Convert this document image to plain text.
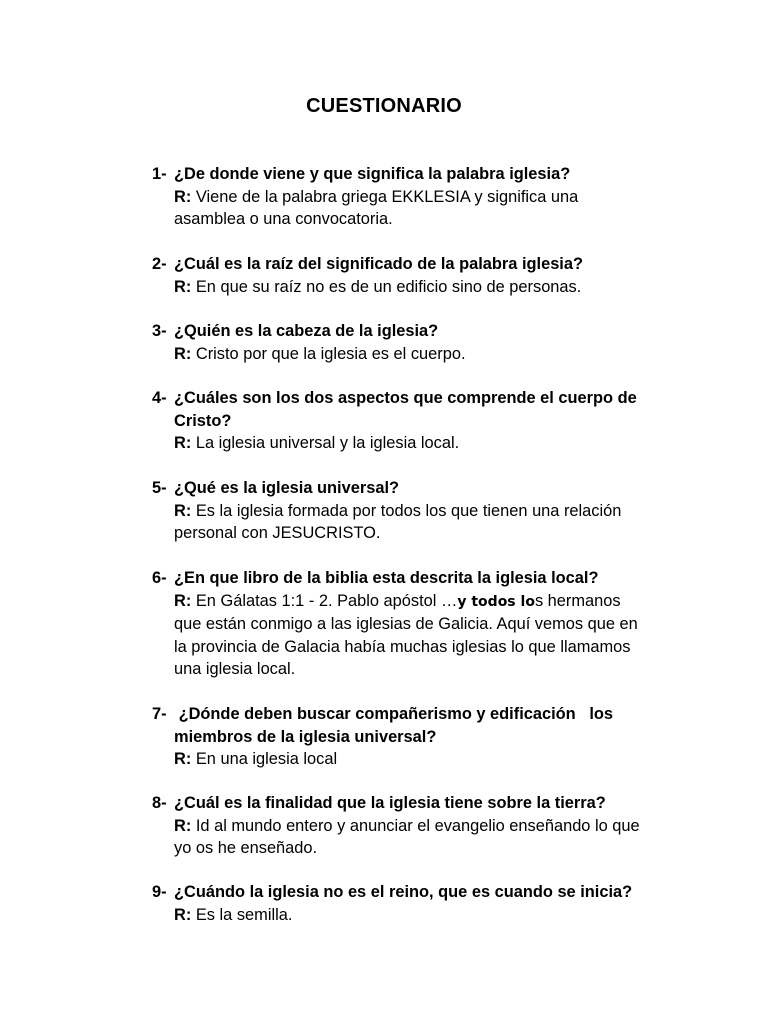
CUESTIONARIO
1- ¿De donde viene y que significa la palabra iglesia?
R: Viene de la palabra griega EKKLESIA y significa una asamblea o una convocatoria.
2- ¿Cuál es la raíz del significado de la palabra iglesia?
R: En que su raíz no es de un edificio sino de personas.
3- ¿Quién es la cabeza de la iglesia?
R: Cristo por que la iglesia es el cuerpo.
4- ¿Cuáles son los dos aspectos que comprende el cuerpo de Cristo?
R: La iglesia universal y la iglesia local.
5- ¿Qué es la iglesia universal?
R: Es la iglesia formada por todos los que tienen una relación personal con JESUCRISTO.
6- ¿En que libro de la biblia esta descrita la iglesia local?
R: En Gálatas 1:1 - 2. Pablo apóstol …y todos los hermanos que están conmigo a las iglesias de Galicia. Aquí vemos que en la provincia de Galacia había muchas iglesias lo que llamamos una iglesia local.
7- ¿Dónde deben buscar compañerismo y edificación   los miembros de la iglesia universal?
R: En una iglesia local
8- ¿Cuál es la finalidad que la iglesia tiene sobre la tierra?
R: Id al mundo entero y anunciar el evangelio enseñando lo que yo os he enseñado.
9- ¿Cuándo la iglesia no es el reino, que es cuando se inicia?
R: Es la semilla.
